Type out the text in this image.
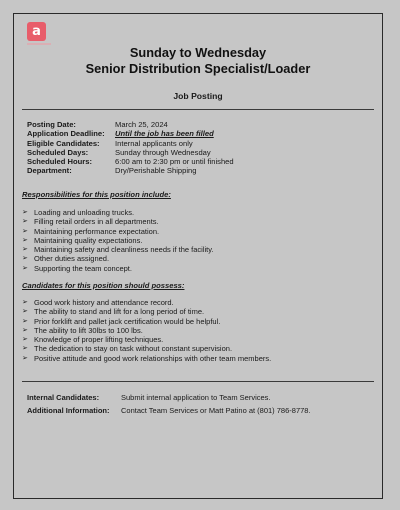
a
Sunday to Wednesday
Senior Distribution Specialist/Loader
Job Posting
Posting Date:	March 25, 2024
Application Deadline:	Until the job has been filled
Eligible Candidates:	Internal applicants only
Scheduled Days:	Sunday through Wednesday
Scheduled Hours:	6:00 am to 2:30 pm or until finished
Department:	Dry/Perishable Shipping
Responsibilities for this position include:
➢ Loading and unloading trucks.
➢ Filling retail orders in all departments.
➢ Maintaining performance expectation.
➢ Maintaining quality expectations.
➢ Maintaining safety and cleanliness needs if the facility.
➢ Other duties assigned.
➢ Supporting the team concept.
Candidates for this position should possess:
➢ Good work history and attendance record.
➢ The ability to stand and lift for a long period of time.
➢ Prior forklift and pallet jack certification would be helpful.
➢ The ability to lift 30lbs to 100 lbs.
➢ Knowledge of proper lifting techniques.
➢ The dedication to stay on task without constant supervision.
➢ Positive attitude and good work relationships with other team members.
Internal Candidates:	Submit internal application to Team Services.
Additional Information:	Contact Team Services or Matt Patino at (801) 786-8778.
